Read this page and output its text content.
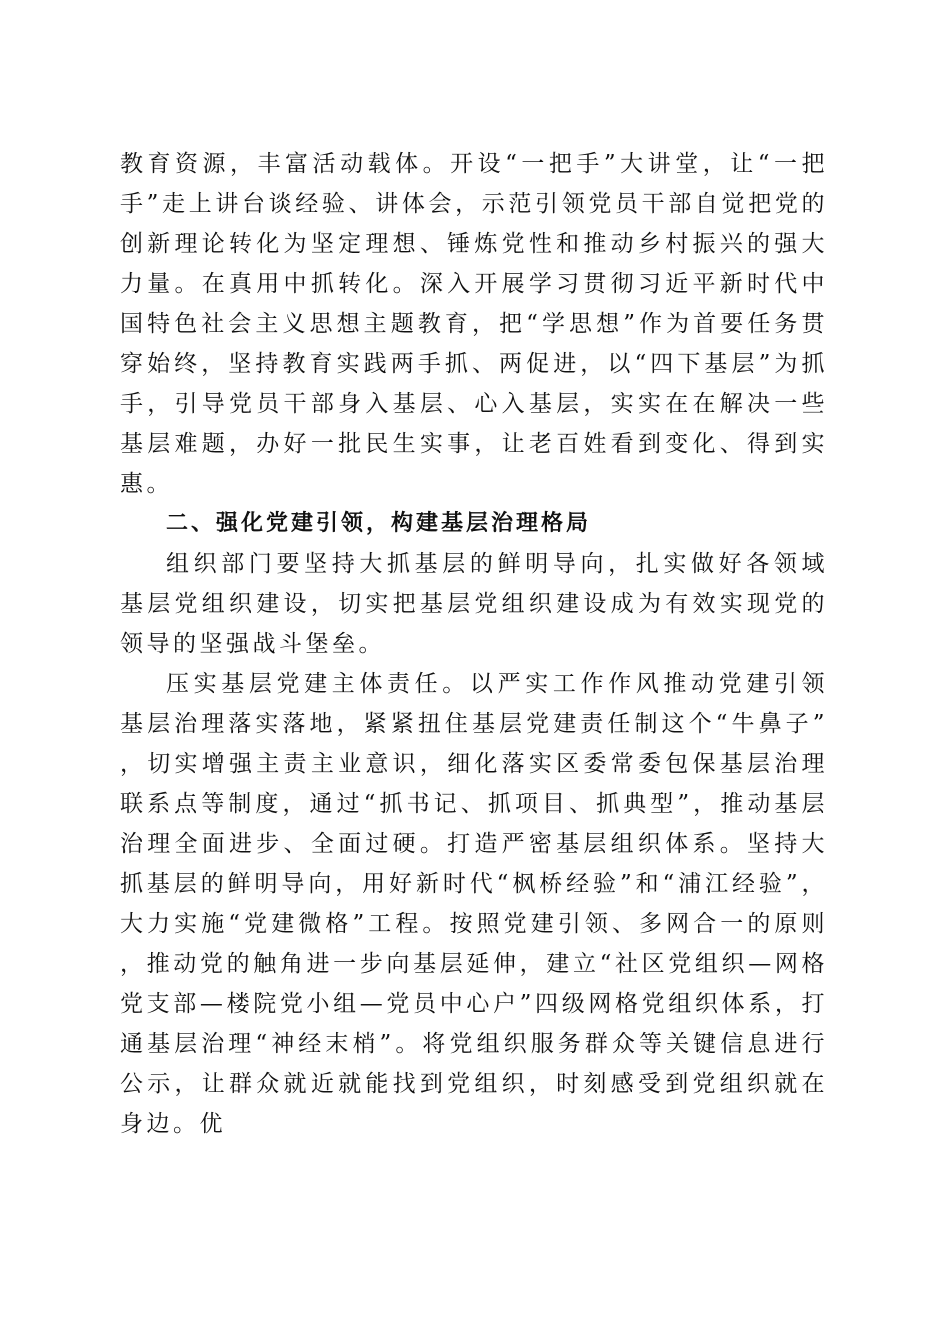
教育资源，丰富活动载体。开设“一把手”大讲堂，让“一把手”走上讲台谈经验、讲体会，示范引领党员干部自觉把党的创新理论转化为坚定理想、锤炼党性和推动乡村振兴的强大力量。在真用中抓转化。深入开展学习贯彻习近平新时代中国特色社会主义思想主题教育，把“学思想”作为首要任务贯穿始终，坚持教育实践两手抓、两促进，以“四下基层”为抓手，引导党员干部身入基层、心入基层，实实在在解决一些基层难题，办好一批民生实事，让老百姓看到变化、得到实惠。

二、强化党建引领，构建基层治理格局

组织部门要坚持大抓基层的鲜明导向，扎实做好各领域基层党组织建设，切实把基层党组织建设成为有效实现党的领导的坚强战斗堡垒。

压实基层党建主体责任。以严实工作作风推动党建引领基层治理落实落地，紧紧扭住基层党建责任制这个“牛鼻子”，切实增强主责主业意识，细化落实区委常委包保基层治理联系点等制度，通过“抓书记、抓项目、抓典型”，推动基层治理全面进步、全面过硬。打造严密基层组织体系。坚持大抓基层的鲜明导向，用好新时代“枫桥经验”和“浦江经验”，大力实施“党建微格”工程。按照党建引领、多网合一的原则，推动党的触角进一步向基层延伸，建立“社区党组织—网格党支部—楼院党小组—党员中心户”四级网格党组织体系，打通基层治理“神经末梢”。将党组织服务群众等关键信息进行公示，让群众就近就能找到党组织，时刻感受到党组织就在身边。优
